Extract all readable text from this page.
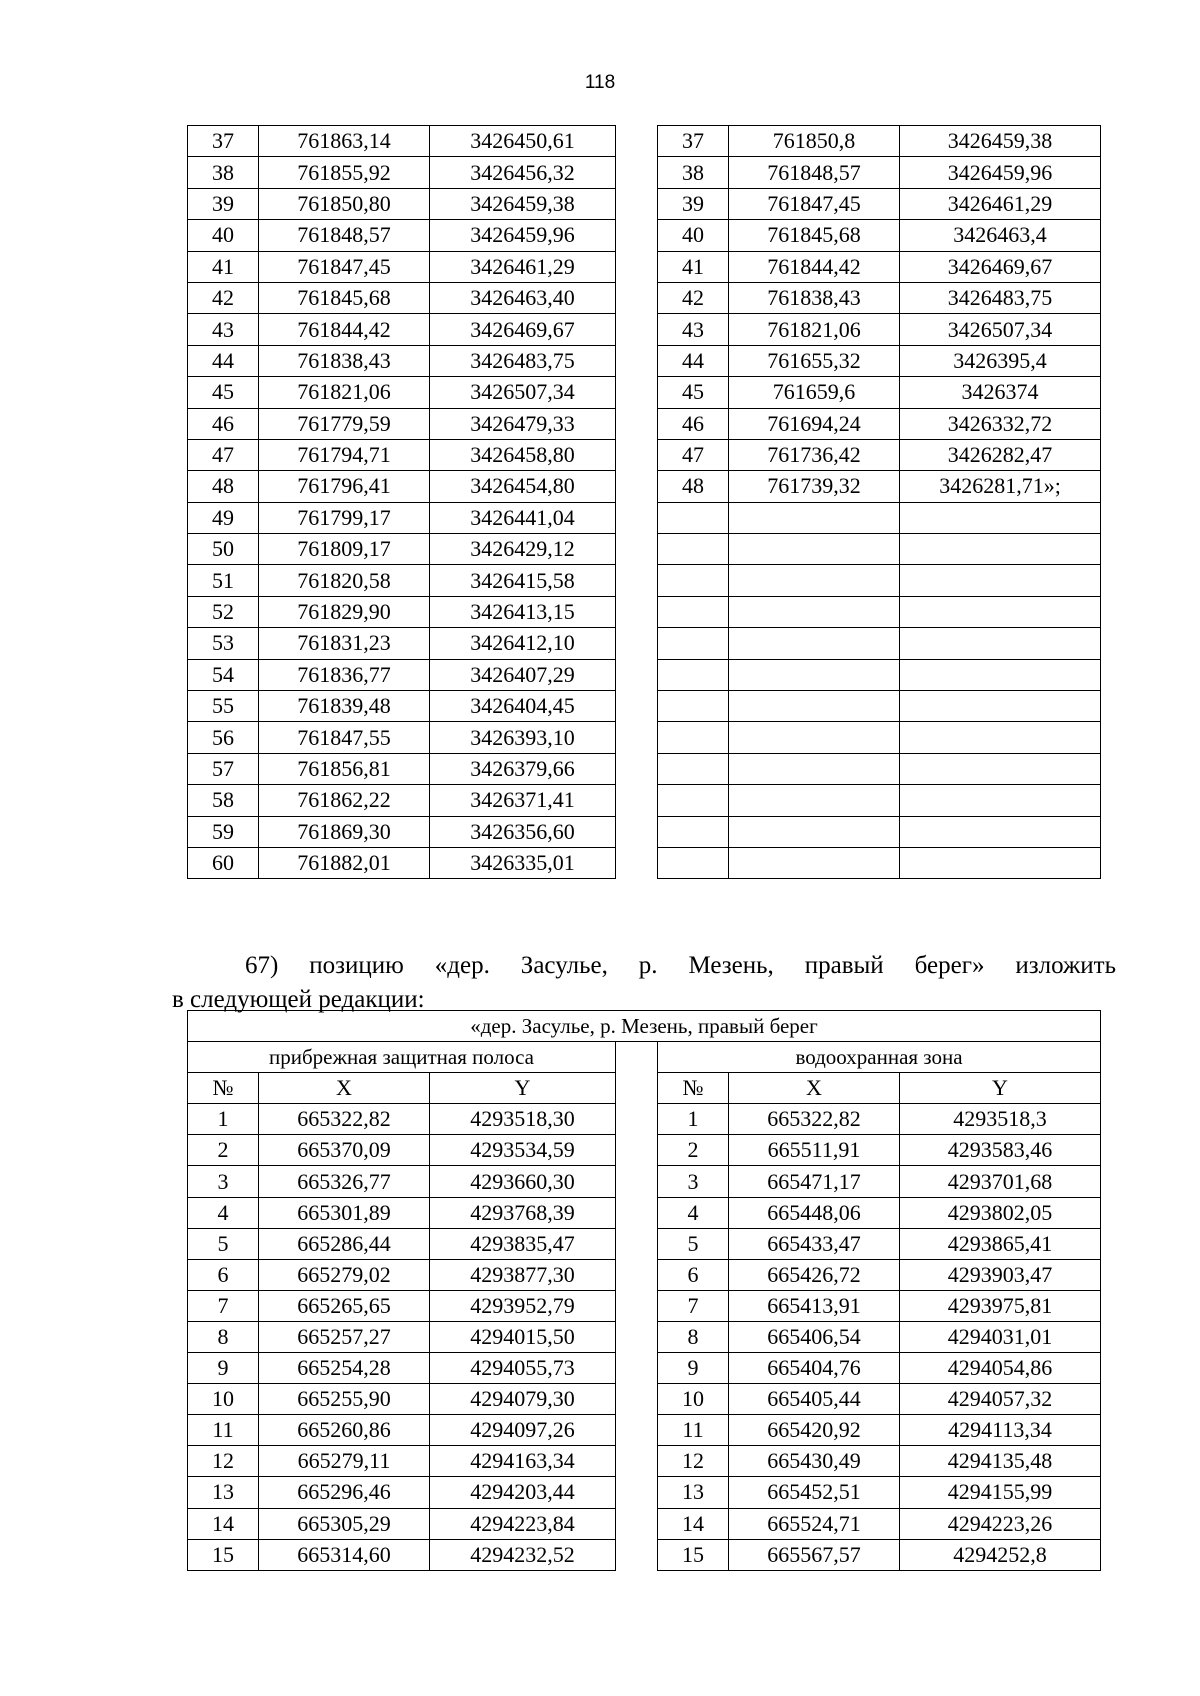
118
37	761863,14	3426450,61		37	761850,8	3426459,38
38	761855,92	3426456,32		38	761848,57	3426459,96
39	761850,80	3426459,38		39	761847,45	3426461,29
40	761848,57	3426459,96		40	761845,68	3426463,4
41	761847,45	3426461,29		41	761844,42	3426469,67
42	761845,68	3426463,40		42	761838,43	3426483,75
43	761844,42	3426469,67		43	761821,06	3426507,34
44	761838,43	3426483,75		44	761655,32	3426395,4
45	761821,06	3426507,34		45	761659,6	3426374
46	761779,59	3426479,33		46	761694,24	3426332,72
47	761794,71	3426458,80		47	761736,42	3426282,47
48	761796,41	3426454,80		48	761739,32	3426281,71»;
49	761799,17	3426441,04				
50	761809,17	3426429,12				
51	761820,58	3426415,58				
52	761829,90	3426413,15				
53	761831,23	3426412,10				
54	761836,77	3426407,29				
55	761839,48	3426404,45				
56	761847,55	3426393,10				
57	761856,81	3426379,66				
58	761862,22	3426371,41				
59	761869,30	3426356,60				
60	761882,01	3426335,01				

67) позицию «дер. Засулье, р. Мезень, правый берег» изложить

в следующей редакции:

«дер. Засулье, р. Мезень, правый берег						
прибрежная защитная полоса				водоохранная зона		
№	X	Y		№	X	Y
1	665322,82	4293518,30		1	665322,82	4293518,3
2	665370,09	4293534,59		2	665511,91	4293583,46
3	665326,77	4293660,30		3	665471,17	4293701,68
4	665301,89	4293768,39		4	665448,06	4293802,05
5	665286,44	4293835,47		5	665433,47	4293865,41
6	665279,02	4293877,30		6	665426,72	4293903,47
7	665265,65	4293952,79		7	665413,91	4293975,81
8	665257,27	4294015,50		8	665406,54	4294031,01
9	665254,28	4294055,73		9	665404,76	4294054,86
10	665255,90	4294079,30		10	665405,44	4294057,32
11	665260,86	4294097,26		11	665420,92	4294113,34
12	665279,11	4294163,34		12	665430,49	4294135,48
13	665296,46	4294203,44		13	665452,51	4294155,99
14	665305,29	4294223,84		14	665524,71	4294223,26
15	665314,60	4294232,52		15	665567,57	4294252,8
